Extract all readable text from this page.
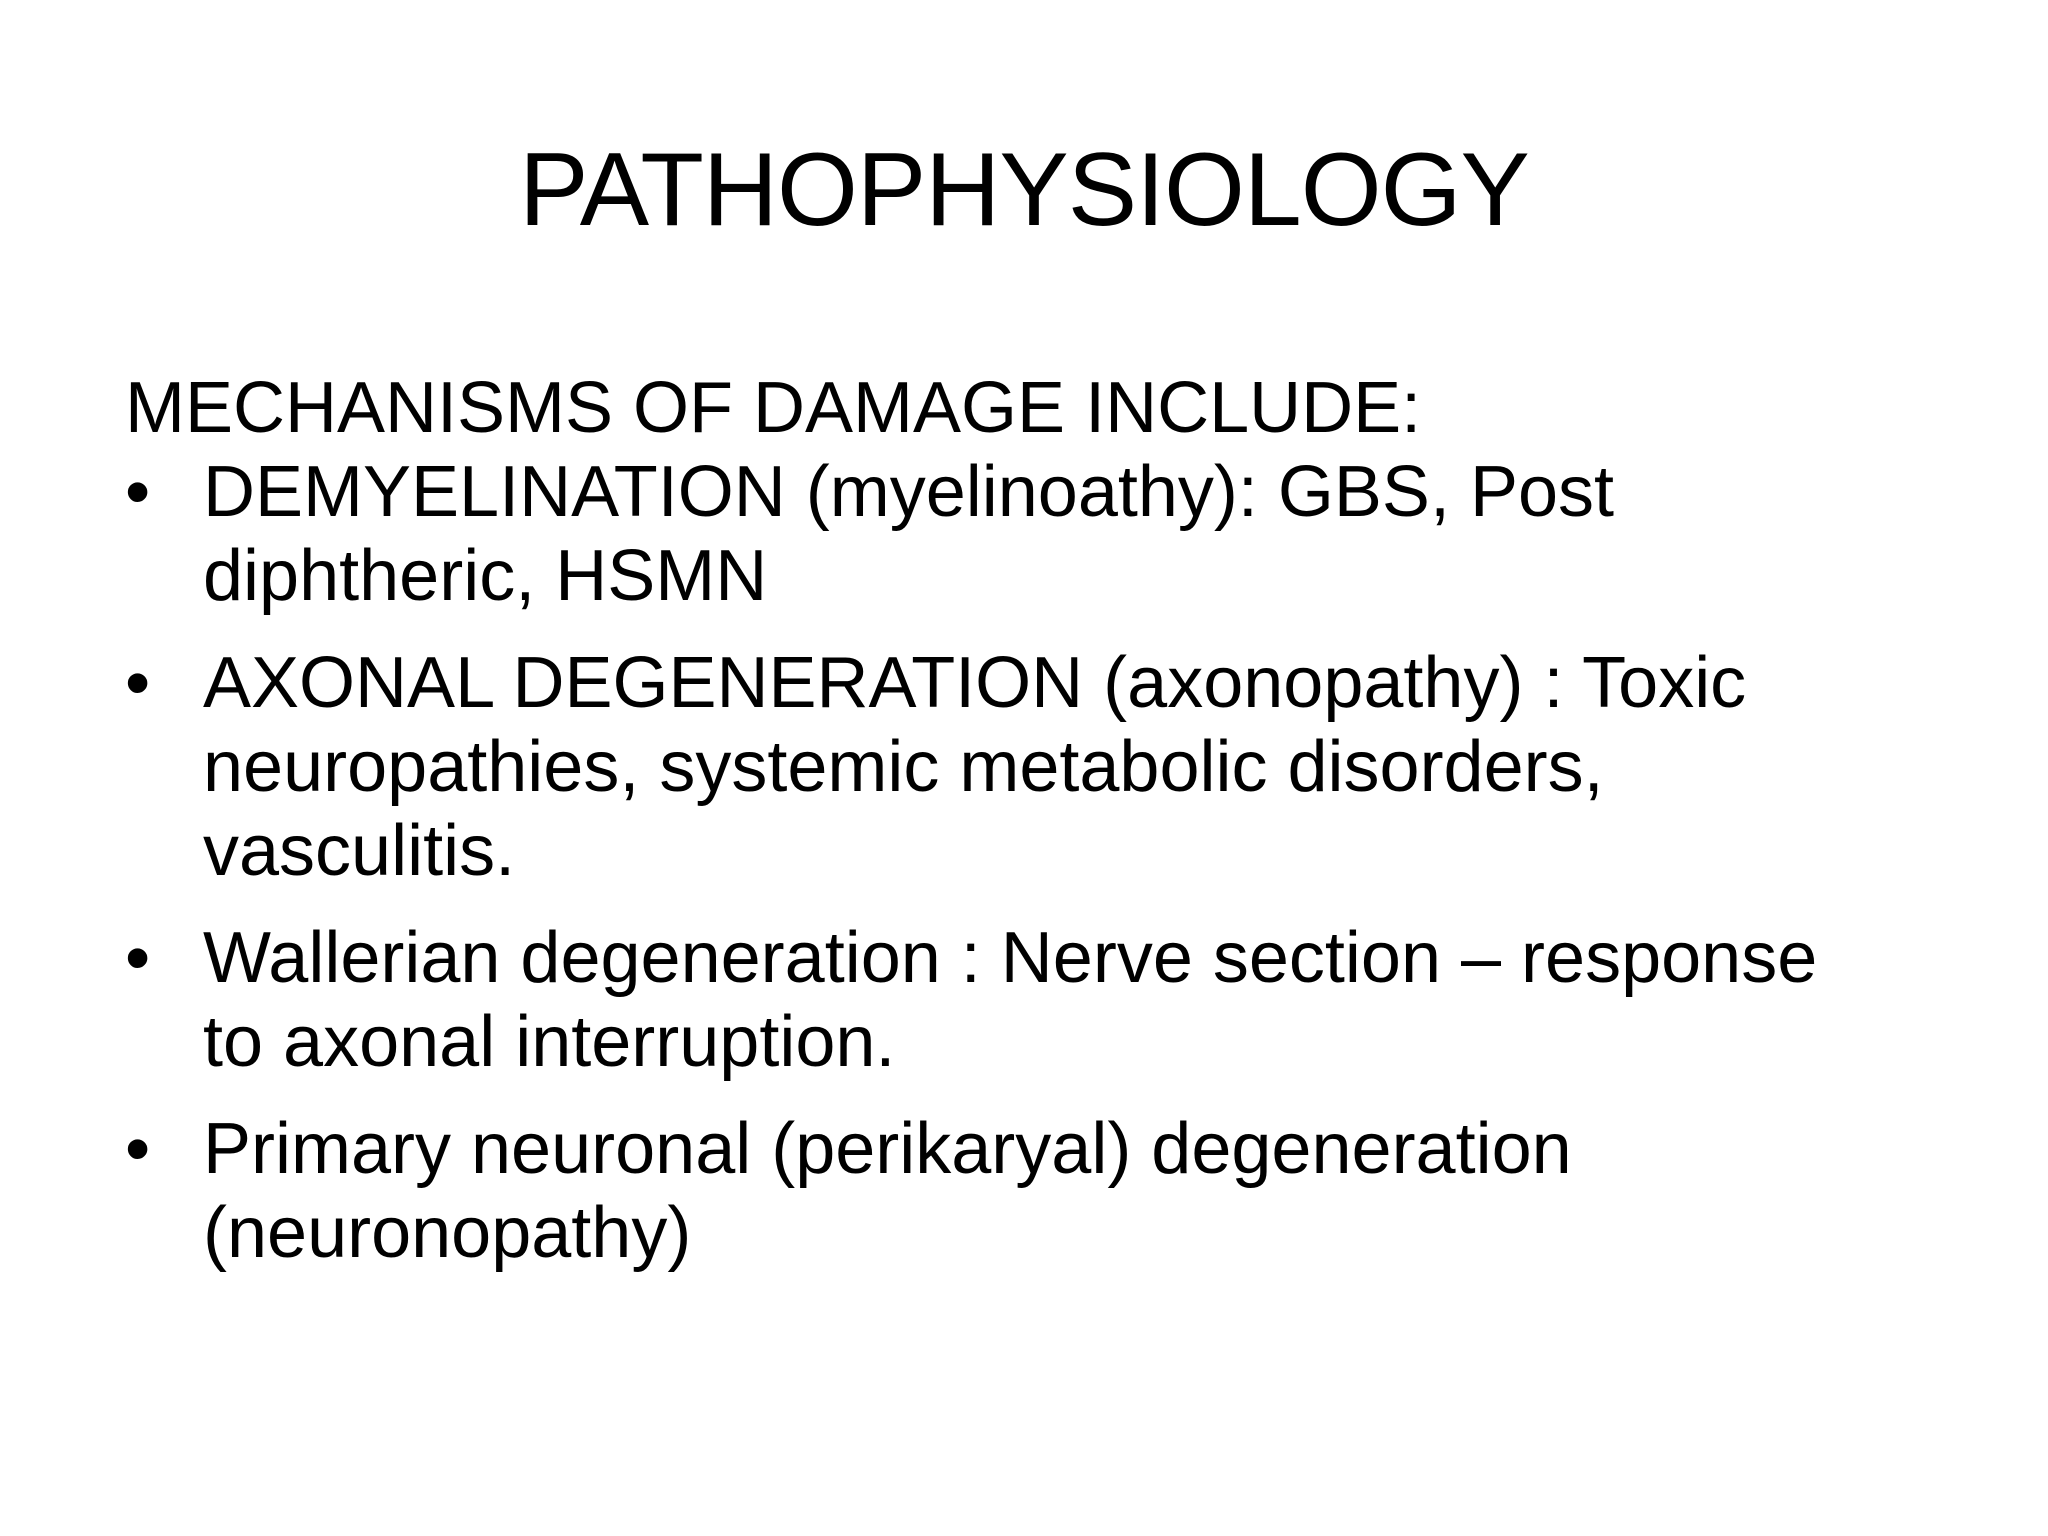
PATHOPHYSIOLOGY
MECHANISMS OF DAMAGE INCLUDE:
• DEMYELINATION (myelinoathy): GBS, Post diphtheric, HSMN
• AXONAL DEGENERATION (axonopathy) : Toxic neuropathies, systemic metabolic disorders, vasculitis.
• Wallerian degeneration : Nerve section – response to axonal interruption.
• Primary neuronal (perikaryal) degeneration (neuronopathy)
